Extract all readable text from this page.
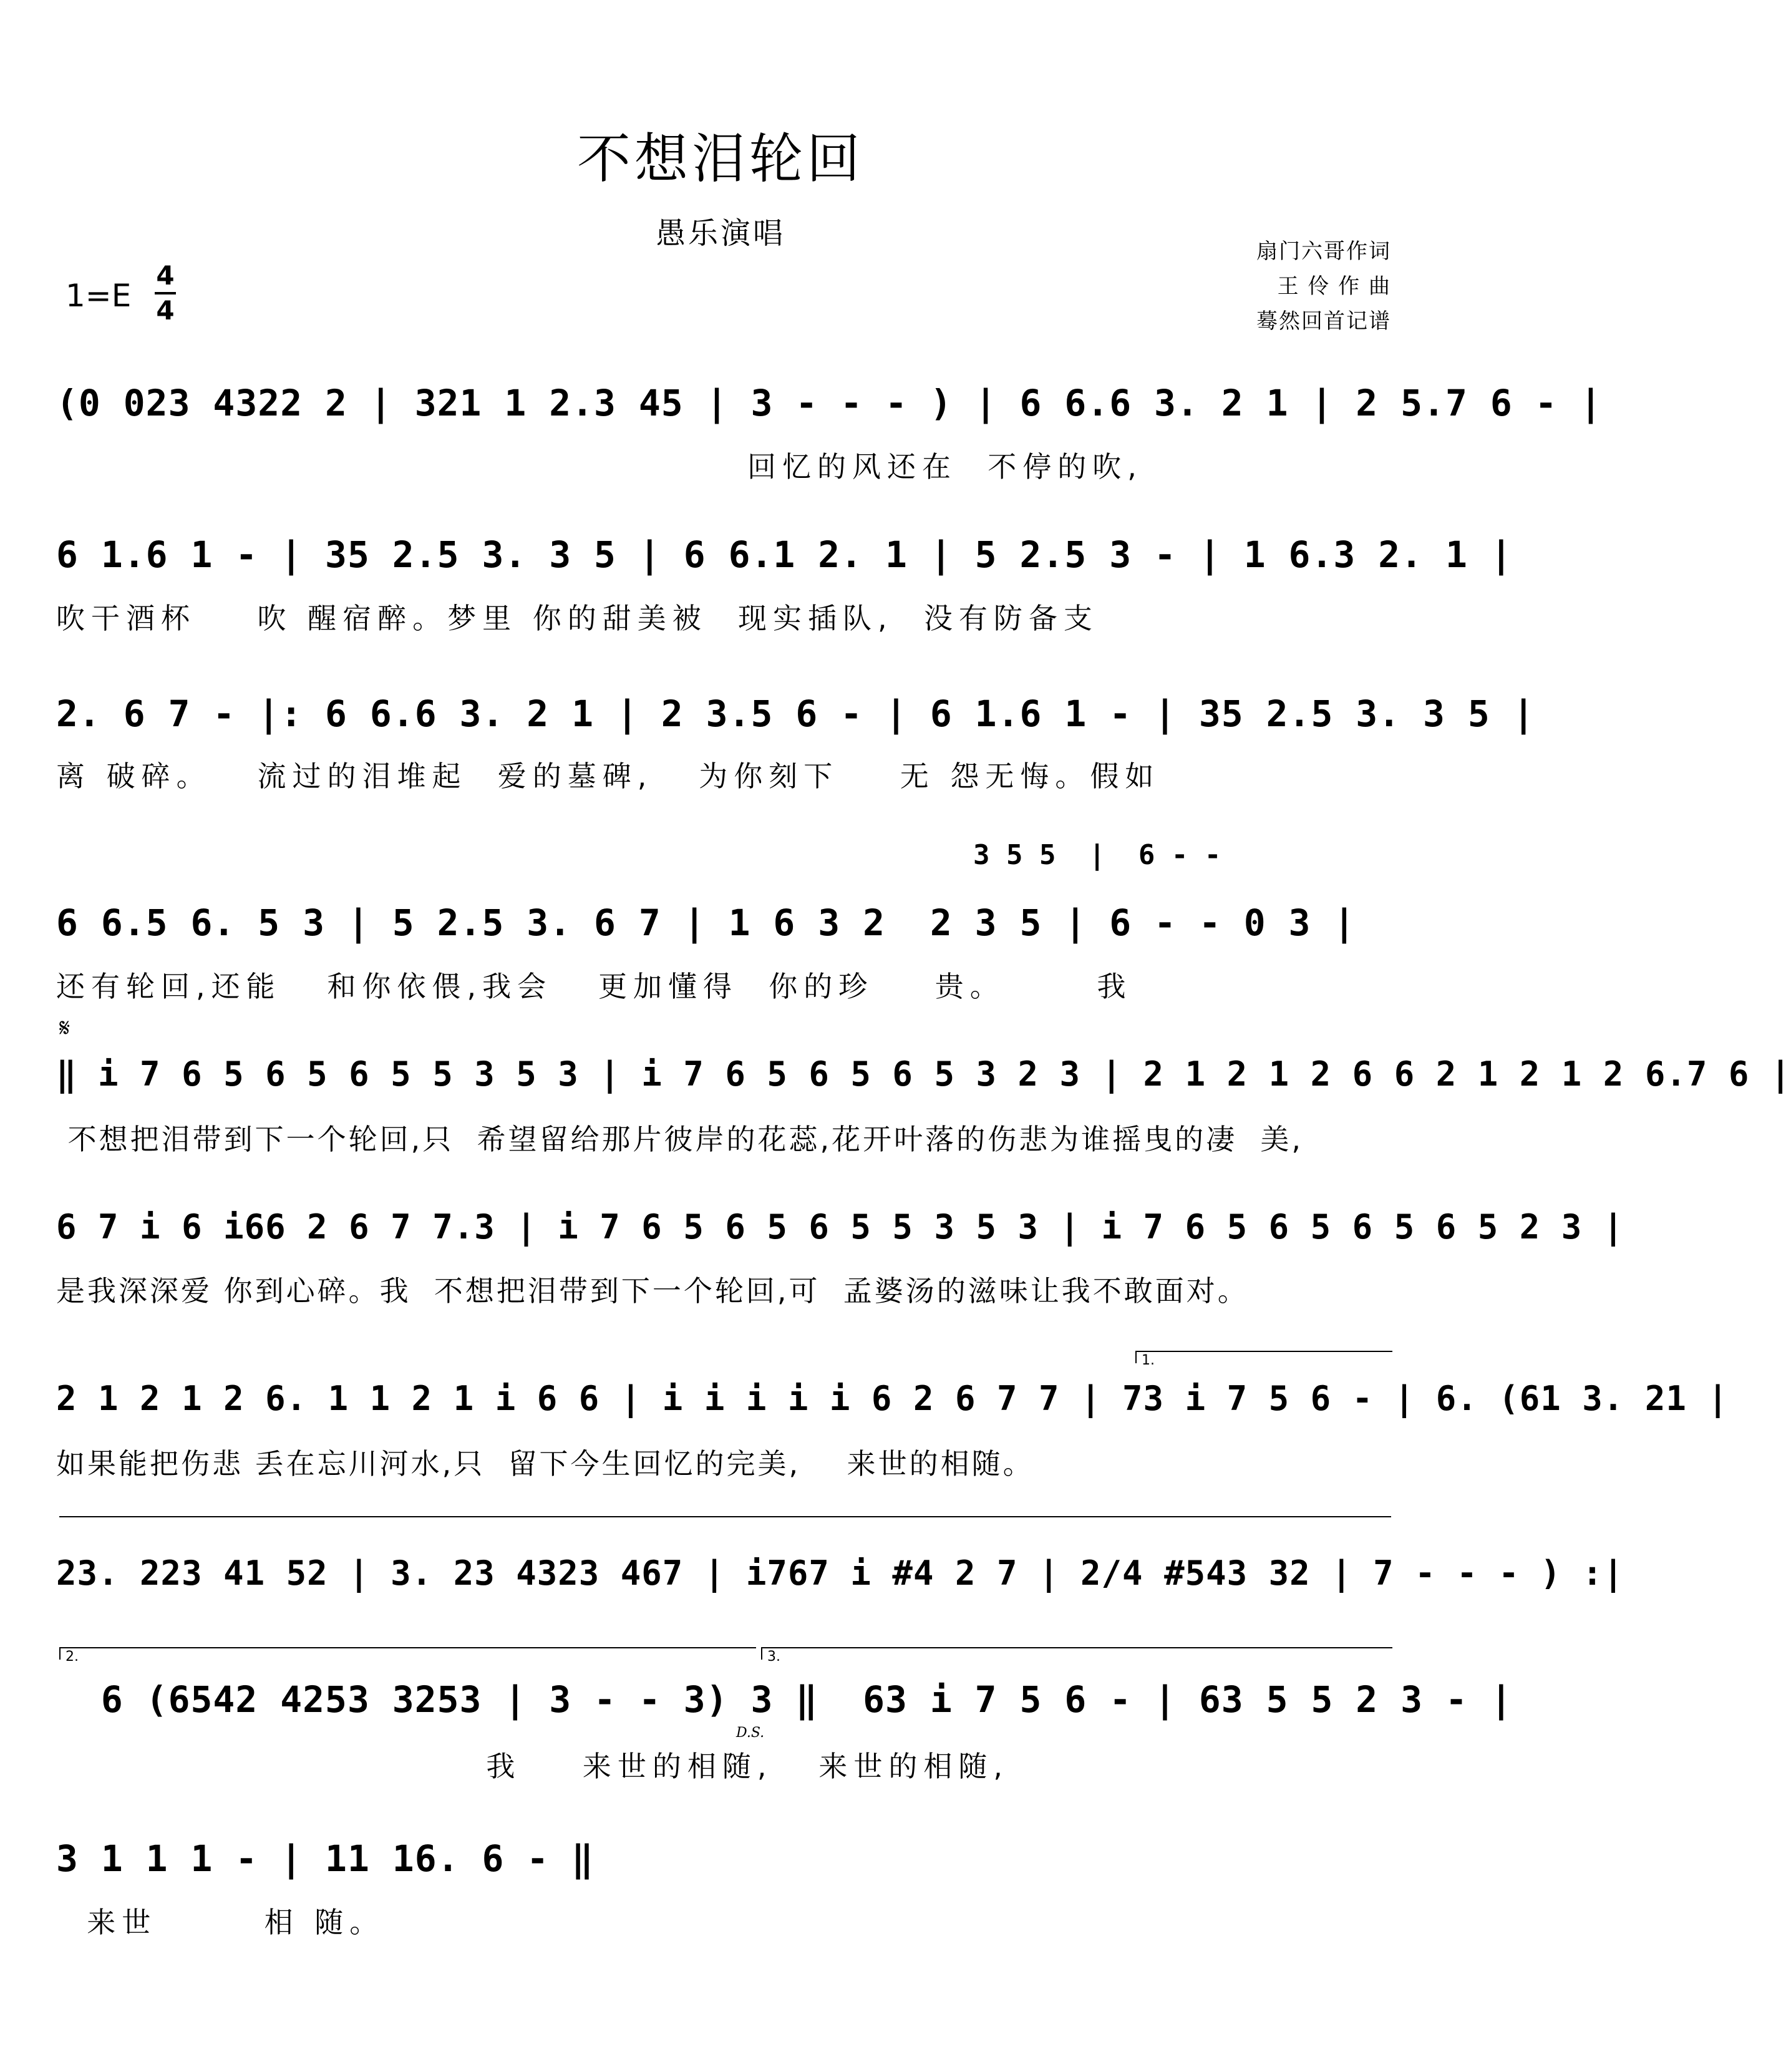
不想泪轮回
愚乐演唱
扇门六哥作词
王 伶 作 曲
蓦然回首记谱
1=E
4
4
(0 023 4322 2 | 321 1 2.3 45 | 3 - - - ) | 6 6.6 3. 2 1 | 2 5.7 6 - |
回忆的风还在  不停的吹,
6 1.6 1 - | 35 2.5 3. 3 5 | 6 6.1 2. 1 | 5 2.5 3 - | 1 6.3 2. 1 |
吹干酒杯    吹 醒宿醉。梦里 你的甜美被  现实插队,  没有防备支
2. 6 7 - |: 6 6.6 3. 2 1 | 2 3.5 6 - | 6 1.6 1 - | 35 2.5 3. 3 5 |
离 破碎。   流过的泪堆起  爱的墓碑,   为你刻下    无 怨无悔。假如
3 5 5  |  6 - -
6 6.5 6. 5 3 | 5 2.5 3. 6 7 | 1 6 3 2  2 3 5 | 6 - - 0 3 |
还有轮回,还能   和你依偎,我会   更加懂得  你的珍    贵。      我
𝄋
‖ i 7 6 5 6 5 6 5 5 3 5 3 | i 7 6 5 6 5 6 5 3 2 3 | 2 1 2 1 2 6 6 2 1 2 1 2 6.7 6 |
不想把泪带到下一个轮回,只  希望留给那片彼岸的花蕊,花开叶落的伤悲为谁摇曳的凄  美,
6 7 i 6 i66 2 6 7 7.3 | i 7 6 5 6 5 6 5 5 3 5 3 | i 7 6 5 6 5 6 5 6 5 2 3 |
是我深深爱 你到心碎。我  不想把泪带到下一个轮回,可  孟婆汤的滋味让我不敢面对。
1.
2 1 2 1 2 6. 1 1 2 1 i 6 6 | i i i i i 6 2 6 7 7 | 73 i 7 5 6 - | 6. (61 3. 21 |
如果能把伤悲 丢在忘川河水,只  留下今生回忆的完美,    来世的相随。
23. 223 41 52 | 3. 23 4323 467 | i767 i #4 2 7 | 2/4 #543 32 | 7 - - - ) :|
2.	3.
6 (6542 4253 3253 | 3 - - 3) 3 ‖  63 i 7 5 6 - | 63 5 5 2 3 - |
D.S.
我    来世的相随,   来世的相随,
3 1 1 1 - | 11 16. 6 - ‖
来世       相 随。
